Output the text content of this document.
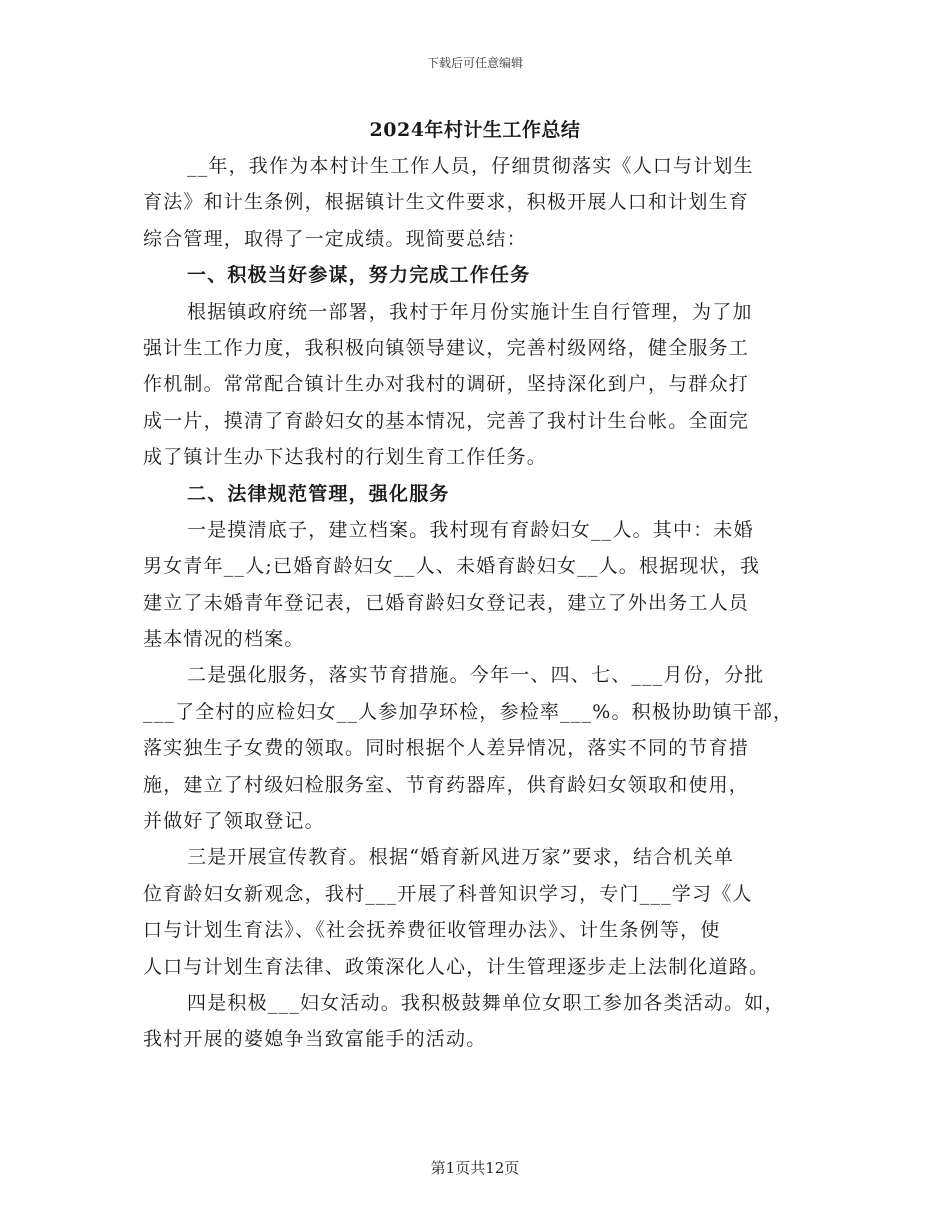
下载后可任意编辑
2024年村计生工作总结
__年，我作为本村计生工作人员，仔细贯彻落实《人口与计划生
育法》和计生条例，根据镇计生文件要求，积极开展人口和计划生育
综合管理，取得了一定成绩。现简要总结：
一、积极当好参谋，努力完成工作任务
根据镇政府统一部署，我村于年月份实施计生自行管理，为了加
强计生工作力度，我积极向镇领导建议，完善村级网络，健全服务工
作机制。常常配合镇计生办对我村的调研，坚持深化到户，与群众打
成一片，摸清了育龄妇女的基本情况，完善了我村计生台帐。全面完
成了镇计生办下达我村的行划生育工作任务。
二、法律规范管理，强化服务
一是摸清底子，建立档案。我村现有育龄妇女__人。其中：未婚
男女青年__人;已婚育龄妇女__人、未婚育龄妇女__人。根据现状，我
建立了未婚青年登记表，已婚育龄妇女登记表，建立了外出务工人员
基本情况的档案。
二是强化服务，落实节育措施。今年一、四、七、___月份，分批
___了全村的应检妇女__人参加孕环检，参检率___%。积极协助镇干部，
落实独生子女费的领取。同时根据个人差异情况，落实不同的节育措
施，建立了村级妇检服务室、节育药器库，供育龄妇女领取和使用，
并做好了领取登记。
三是开展宣传教育。根据“婚育新风进万家”要求，结合机关单
位育龄妇女新观念，我村___开展了科普知识学习，专门___学习《人
口与计划生育法》、《社会抚养费征收管理办法》、计生条例等，使
人口与计划生育法律、政策深化人心，计生管理逐步走上法制化道路。
四是积极___妇女活动。我积极鼓舞单位女职工参加各类活动。如，
我村开展的婆媳争当致富能手的活动。
第1页共12页
